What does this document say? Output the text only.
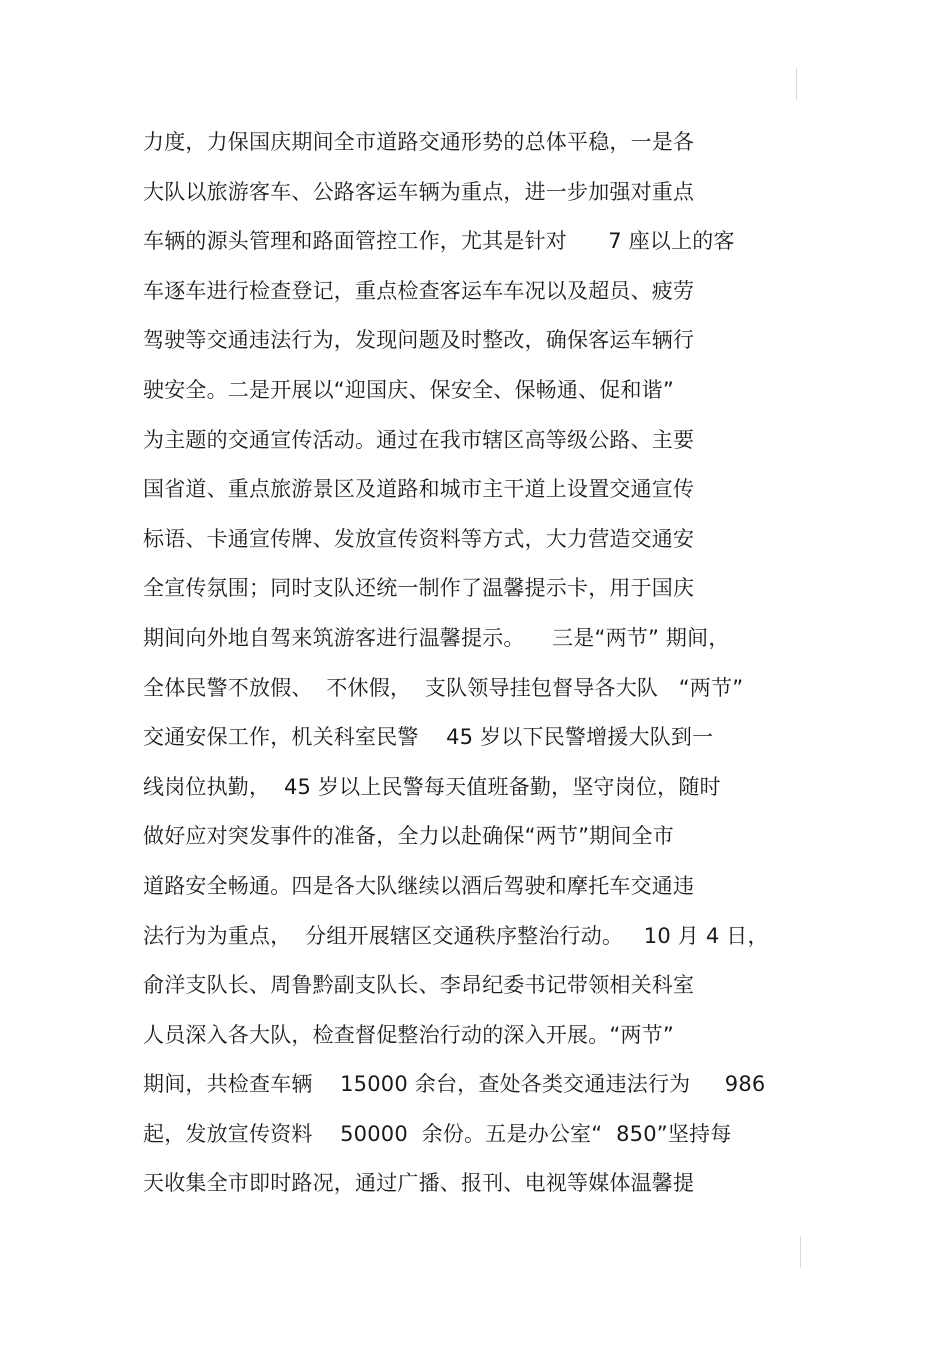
力度，力保国庆期间全市道路交通形势的总体平稳，一是各
大队以旅游客车、公路客运车辆为重点，进一步加强对重点
车辆的源头管理和路面管控工作，尤其是针对      7 座以上的客
车逐车进行检查登记，重点检查客运车车况以及超员、疲劳
驾驶等交通违法行为，发现问题及时整改，确保客运车辆行
驶安全。二是开展以“迎国庆、保安全、保畅通、促和谐”
为主题的交通宣传活动。通过在我市辖区高等级公路、主要
国省道、重点旅游景区及道路和城市主干道上设置交通宣传
标语、卡通宣传牌、发放宣传资料等方式，大力营造交通安
全宣传氛围；同时支队还统一制作了温馨提示卡，用于国庆
期间向外地自驾来筑游客进行温馨提示。    三是“两节” 期间，
全体民警不放假、  不休假，  支队领导挂包督导各大队   “两节”
交通安保工作，机关科室民警    45 岁以下民警增援大队到一
线岗位执勤，  45 岁以上民警每天值班备勤，坚守岗位，随时
做好应对突发事件的准备，全力以赴确保“两节”期间全市
道路安全畅通。四是各大队继续以酒后驾驶和摩托车交通违
法行为为重点，  分组开展辖区交通秩序整治行动。   10 月 4 日，
俞洋支队长、周鲁黔副支队长、李昂纪委书记带领相关科室
人员深入各大队，检查督促整治行动的深入开展。“两节”
期间，共检查车辆    15000 余台，查处各类交通违法行为     986
起，发放宣传资料    50000  余份。五是办公室“  850”坚持每
天收集全市即时路况，通过广播、报刊、电视等媒体温馨提
